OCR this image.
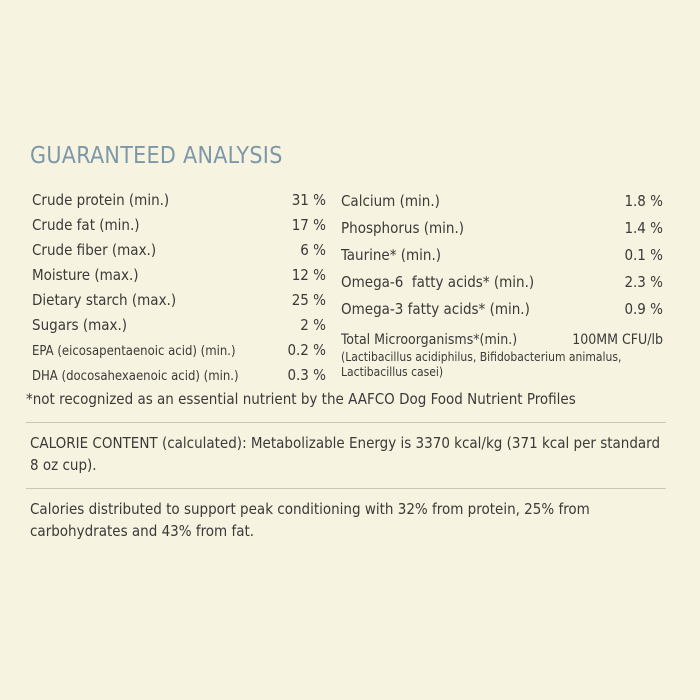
GUARANTEED ANALYSIS
Crude protein (min.)	31 %
Crude fat (min.)	17 %
Crude fiber (max.)	6 %
Moisture (max.)	12 %
Dietary starch (max.)	25 %
Sugars (max.)	2 %
EPA (eicosapentaenoic acid) (min.)	0.2 %
DHA (docosahexaenoic acid) (min.)	0.3 %
Calcium (min.)	1.8 %
Phosphorus (min.)	1.4 %
Taurine* (min.)	0.1 %
Omega-6  fatty acids* (min.)	2.3 %
Omega-3 fatty acids* (min.)	0.9 %
Total Microorganisms*(min.)	100MM CFU/lb
(Lactibacillus acidiphilus, Bifidobacterium animalus,
Lactibacillus casei)
*not recognized as an essential nutrient by the AAFCO Dog Food Nutrient Profiles
CALORIE CONTENT (calculated): Metabolizable Energy is 3370 kcal/kg (371 kcal per standard 8 oz cup).
Calories distributed to support peak conditioning with 32% from protein, 25% from carbohydrates and 43% from fat.
